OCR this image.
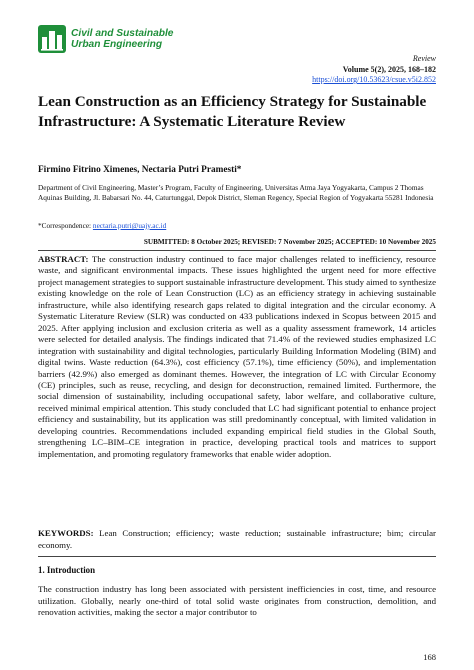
Civil and Sustainable
Urban Engineering
Review
Volume 5(2), 2025, 168–182
https://doi.org/10.53623/csue.v5i2.852
Lean Construction as an Efficiency Strategy for Sustainable Infrastructure: A Systematic Literature Review
Firmino Fitrino Ximenes, Nectaria Putri Pramesti*
Department of Civil Engineering, Master’s Program, Faculty of Engineering, Universitas Atma Jaya Yogyakarta, Campus 2 Thomas Aquinas Building, Jl. Babarsari No. 44, Caturtunggal, Depok District, Sleman Regency, Special Region of Yogyakarta 55281 Indonesia
*Correspondence: nectaria.putri@uajy.ac.id
SUBMITTED: 8 October 2025; REVISED: 7 November 2025; ACCEPTED: 10 November 2025

ABSTRACT: The construction industry continued to face major challenges related to inefficiency, resource waste, and significant environmental impacts. These issues highlighted the urgent need for more effective project management strategies to support sustainable infrastructure development. This study aimed to synthesize existing knowledge on the role of Lean Construction (LC) as an efficiency strategy in achieving sustainable infrastructure, while also identifying research gaps related to digital integration and the circular economy. A Systematic Literature Review (SLR) was conducted on 433 publications indexed in Scopus between 2015 and 2025. After applying inclusion and exclusion criteria as well as a quality assessment framework, 14 articles were selected for detailed analysis. The findings indicated that 71.4% of the reviewed studies emphasized LC integration with sustainability and digital technologies, particularly Building Information Modeling (BIM) and digital twins. Waste reduction (64.3%), cost efficiency (57.1%), time efficiency (50%), and implementation barriers (42.9%) also emerged as dominant themes. However, the integration of LC with Circular Economy (CE) principles, such as reuse, recycling, and design for deconstruction, remained limited. Furthermore, the social dimension of sustainability, including occupational safety, labor welfare, and collaborative culture, received minimal empirical attention. This study concluded that LC had significant potential to enhance project efficiency and sustainability, but its application was still predominantly conceptual, with limited validation in developing countries. Recommendations included expanding empirical field studies in the Global South, strengthening LC–BIM–CE integration in practice, developing practical tools and matrices to support implementation, and promoting regulatory frameworks that enable wider adoption.

KEYWORDS: Lean Construction; efficiency; waste reduction; sustainable infrastructure; bim; circular economy.

1. Introduction

The construction industry has long been associated with persistent inefficiencies in cost, time, and resource utilization. Globally, nearly one-third of total solid waste originates from construction, demolition, and renovation activities, making the sector a major contributor to

168
